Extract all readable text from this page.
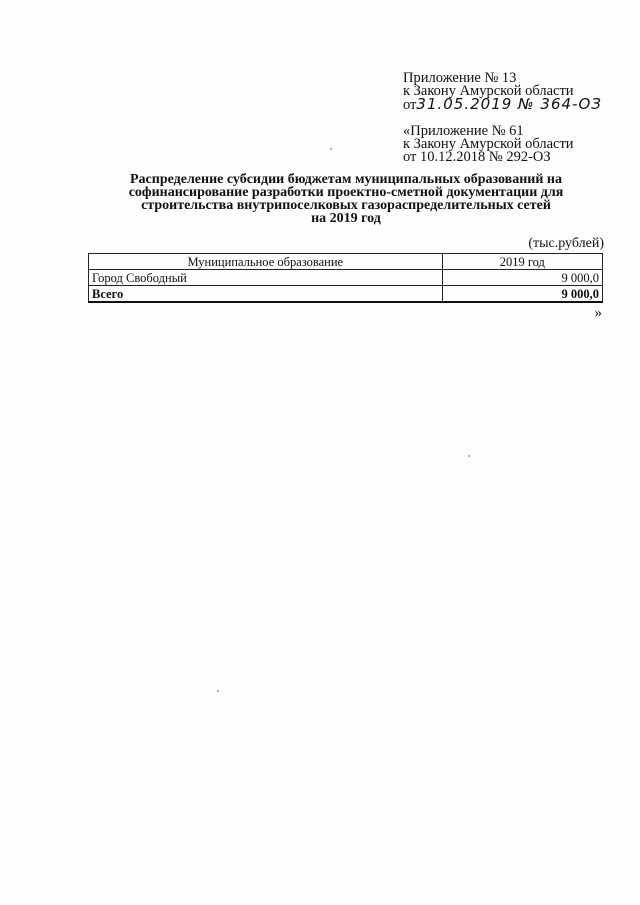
Приложение № 13
к Закону Амурской области
от31.05.2019 № 364-ОЗ
«Приложение № 61
к Закону Амурской области
от 10.12.2018 № 292-ОЗ
Распределение субсидии бюджетам муниципальных образований на
софинансирование разработки проектно-сметной документации для
строительства внутрипоселковых газораспределительных сетей
на 2019 год
(тыс.рублей)
Муниципальное образование	2019 год
Город Свободный	9 000,0
Всего	9 000,0
»
